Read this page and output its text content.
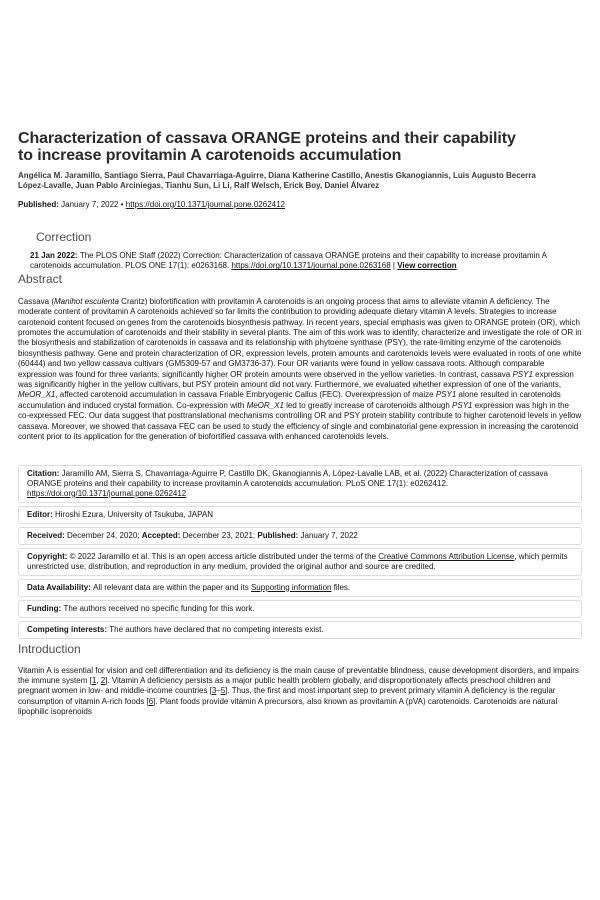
Characterization of cassava ORANGE proteins and their capability to increase provitamin A carotenoids accumulation

Angélica M. Jaramillo, Santiago Sierra, Paul Chavarriaga-Aguirre, Diana Katherine Castillo, Anestis Gkanogiannis, Luis Augusto Becerra López-Lavalle, Juan Pablo Arciniegas, Tianhu Sun, Li Li, Ralf Welsch, Erick Boy, Daniel Álvarez

Published: January 7, 2022 • https://doi.org/10.1371/journal.pone.0262412

Correction

21 Jan 2022: The PLOS ONE Staff (2022) Correction: Characterization of cassava ORANGE proteins and their capability to increase provitamin A carotenoids accumulation. PLOS ONE 17(1): e0263168. https://doi.org/10.1371/journal.pone.0263168 | View correction

Abstract

Cassava (Manihot esculenta Crantz) biofortification with provitamin A carotenoids is an ongoing process that aims to alleviate vitamin A deficiency. The moderate content of provitamin A carotenoids achieved so far limits the contribution to providing adequate dietary vitamin A levels. Strategies to increase carotenoid content focused on genes from the carotenoids biosynthesis pathway. In recent years, special emphasis was given to ORANGE protein (OR), which promotes the accumulation of carotenoids and their stability in several plants. The aim of this work was to identify, characterize and investigate the role of OR in the biosynthesis and stabilization of carotenoids in cassava and its relationship with phytoene synthase (PSY), the rate-limiting enzyme of the carotenoids biosynthesis pathway. Gene and protein characterization of OR, expression levels, protein amounts and carotenoids levels were evaluated in roots of one white (60444) and two yellow cassava cultivars (GM5309-57 and GM3736-37). Four OR variants were found in yellow cassava roots. Although comparable expression was found for three variants, significantly higher OR protein amounts were observed in the yellow varieties. In contrast, cassava PSY1 expression was significantly higher in the yellow cultivars, but PSY protein amount did not vary. Furthermore, we evaluated whether expression of one of the variants, MeOR_X1, affected carotenoid accumulation in cassava Friable Embryogenic Callus (FEC). Overexpression of maize PSY1 alone resulted in carotenoids accumulation and induced crystal formation. Co-expression with MeOR_X1 led to greatly increase of carotenoids although PSY1 expression was high in the co-expressed FEC. Our data suggest that posttranslational mechanisms controlling OR and PSY protein stability contribute to higher carotenoid levels in yellow cassava. Moreover, we showed that cassava FEC can be used to study the efficiency of single and combinatorial gene expression in increasing the carotenoid content prior to its application for the generation of biofortified cassava with enhanced carotenoids levels.

Citation: Jaramillo AM, Sierra S, Chavarriaga-Aguirre P, Castillo DK, Gkanogiannis A, López-Lavalle LAB, et al. (2022) Characterization of cassava ORANGE proteins and their capability to increase provitamin A carotenoids accumulation. PLoS ONE 17(1): e0262412. https://doi.org/10.1371/journal.pone.0262412
Editor: Hiroshi Ezura, University of Tsukuba, JAPAN
Received: December 24, 2020; Accepted: December 23, 2021; Published: January 7, 2022
Copyright: © 2022 Jaramillo et al. This is an open access article distributed under the terms of the Creative Commons Attribution License, which permits unrestricted use, distribution, and reproduction in any medium, provided the original author and source are credited.
Data Availability: All relevant data are within the paper and its Supporting information files.
Funding: The authors received no specific funding for this work.
Competing interests: The authors have declared that no competing interests exist.
Introduction

Vitamin A is essential for vision and cell differentiation and its deficiency is the main cause of preventable blindness, cause development disorders, and impairs the immune system [1, 2]. Vitamin A deficiency persists as a major public health problem globally, and disproportionately affects preschool children and pregnant women in low- and middle-income countries [3–5]. Thus, the first and most important step to prevent primary vitamin A deficiency is the regular consumption of vitamin A-rich foods [6]. Plant foods provide vitamin A precursors, also known as provitamin A (pVA) carotenoids. Carotenoids are natural lipophilic isoprenoids
